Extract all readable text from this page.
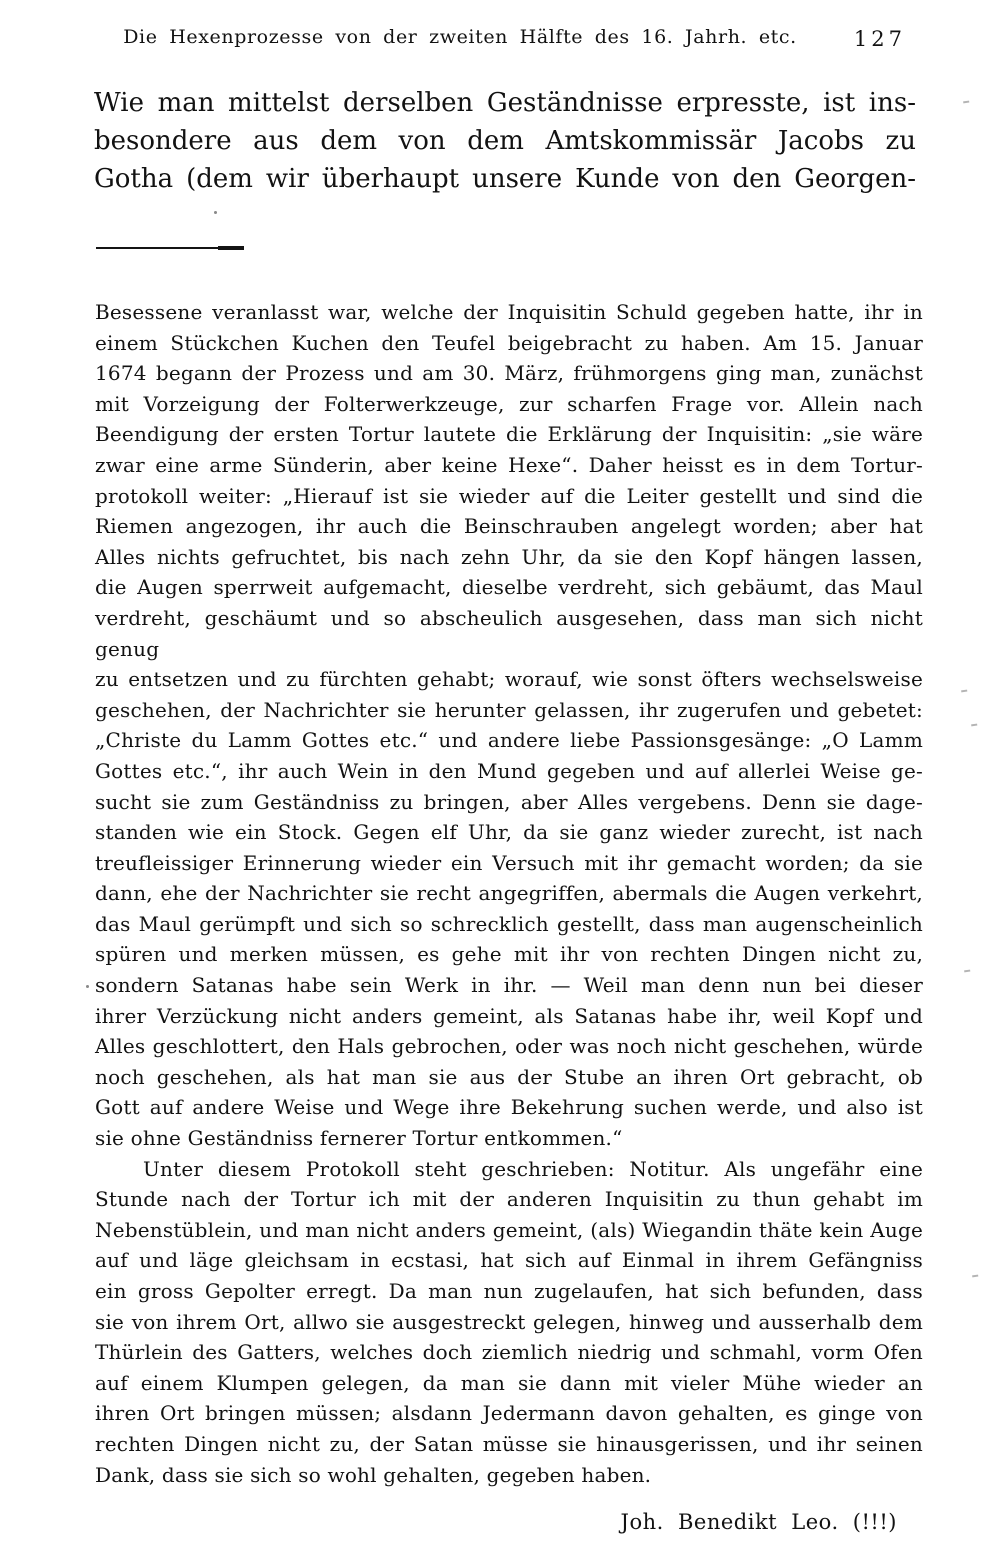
Die Hexenprozesse von der zweiten Hälfte des 16. Jahrh. etc.	127
Wie man mittelst derselben Geständnisse erpresste, ist ins-
besondere aus dem von dem Amtskommissär Jacobs zu
Gotha (dem wir überhaupt unsere Kunde von den Georgen-
Besessene veranlasst war, welche der Inquisitin Schuld gegeben hatte, ihr in
einem Stückchen Kuchen den Teufel beigebracht zu haben. Am 15. Januar
1674 begann der Prozess und am 30. März, frühmorgens ging man, zunächst
mit Vorzeigung der Folterwerkzeuge, zur scharfen Frage vor. Allein nach
Beendigung der ersten Tortur lautete die Erklärung der Inquisitin: „sie wäre
zwar eine arme Sünderin, aber keine Hexe“. Daher heisst es in dem Tortur-
protokoll weiter: „Hierauf ist sie wieder auf die Leiter gestellt und sind die
Riemen angezogen, ihr auch die Beinschrauben angelegt worden; aber hat
Alles nichts gefruchtet, bis nach zehn Uhr, da sie den Kopf hängen lassen,
die Augen sperrweit aufgemacht, dieselbe verdreht, sich gebäumt, das Maul
verdreht, geschäumt und so abscheulich ausgesehen, dass man sich nicht genug
zu entsetzen und zu fürchten gehabt; worauf, wie sonst öfters wechselsweise
geschehen, der Nachrichter sie herunter gelassen, ihr zugerufen und gebetet:
„Christe du Lamm Gottes etc.“ und andere liebe Passionsgesänge: „O Lamm
Gottes etc.“, ihr auch Wein in den Mund gegeben und auf allerlei Weise ge-
sucht sie zum Geständniss zu bringen, aber Alles vergebens. Denn sie dage-
standen wie ein Stock. Gegen elf Uhr, da sie ganz wieder zurecht, ist nach
treufleissiger Erinnerung wieder ein Versuch mit ihr gemacht worden; da sie
dann, ehe der Nachrichter sie recht angegriffen, abermals die Augen verkehrt,
das Maul gerümpft und sich so schrecklich gestellt, dass man augenscheinlich
spüren und merken müssen, es gehe mit ihr von rechten Dingen nicht zu,
sondern Satanas habe sein Werk in ihr. — Weil man denn nun bei dieser
ihrer Verzückung nicht anders gemeint, als Satanas habe ihr, weil Kopf und
Alles geschlottert, den Hals gebrochen, oder was noch nicht geschehen, würde
noch geschehen, als hat man sie aus der Stube an ihren Ort gebracht, ob
Gott auf andere Weise und Wege ihre Bekehrung suchen werde, und also ist
sie ohne Geständniss fernerer Tortur entkommen.“
Unter diesem Protokoll steht geschrieben: Notitur. Als ungefähr eine
Stunde nach der Tortur ich mit der anderen Inquisitin zu thun gehabt im
Nebenstüblein, und man nicht anders gemeint, (als) Wiegandin thäte kein Auge
auf und läge gleichsam in ecstasi, hat sich auf Einmal in ihrem Gefängniss
ein gross Gepolter erregt. Da man nun zugelaufen, hat sich befunden, dass
sie von ihrem Ort, allwo sie ausgestreckt gelegen, hinweg und ausserhalb dem
Thürlein des Gatters, welches doch ziemlich niedrig und schmahl, vorm Ofen
auf einem Klumpen gelegen, da man sie dann mit vieler Mühe wieder an
ihren Ort bringen müssen; alsdann Jedermann davon gehalten, es ginge von
rechten Dingen nicht zu, der Satan müsse sie hinausgerissen, und ihr seinen
Dank, dass sie sich so wohl gehalten, gegeben haben.
Joh. Benedikt Leo. (!!!)
